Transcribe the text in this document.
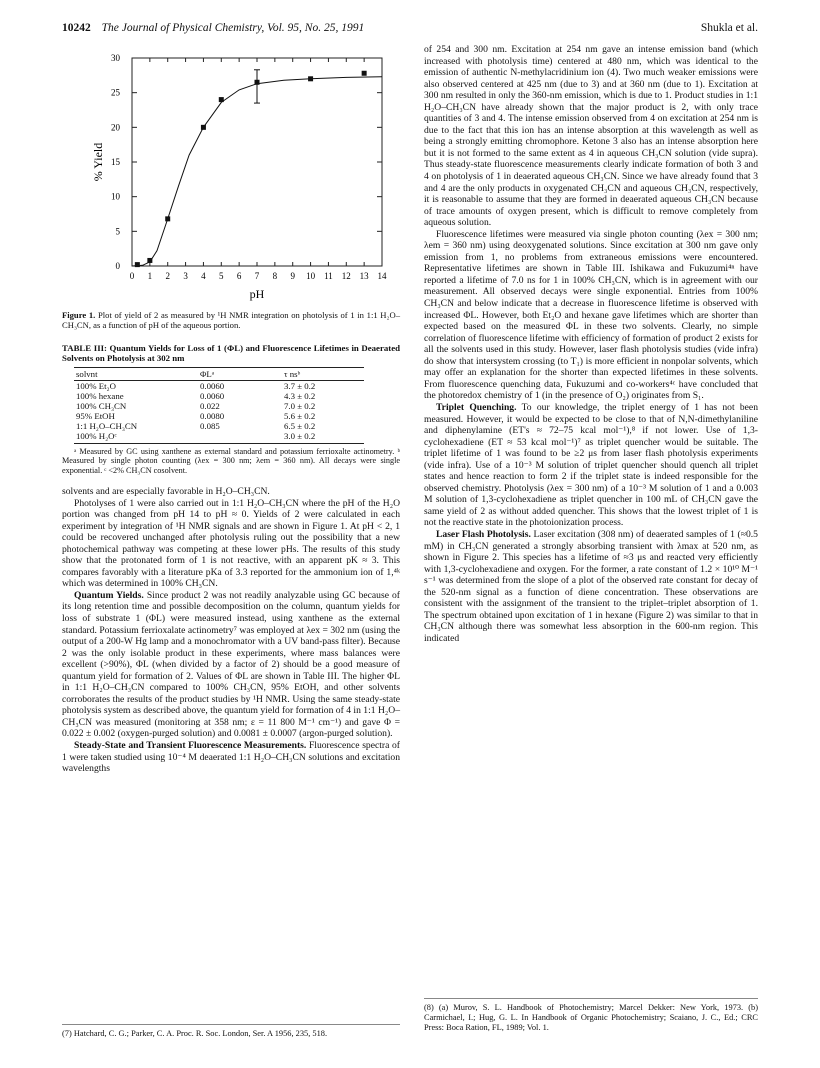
10242 The Journal of Physical Chemistry, Vol. 95, No. 25, 1991	Shukla et al.
0 1 2 3 4 5 6 7 8 9 10 11 12 13 14
0
5
10
15
20
25
30
pH
% Yield
Figure 1. Plot of yield of 2 as measured by ¹H NMR integration on photolysis of 1 in 1:1 H₂O–CH₃CN, as a function of pH of the aqueous portion.
TABLE III: Quantum Yields for Loss of 1 (ΦL) and Fluorescence Lifetimes in Deaerated Solvents on Photolysis at 302 nm
solvnt	ΦLᵃ	τ nsᵇ
100% Et₂O	0.0060	3.7 ± 0.2
100% hexane	0.0060	4.3 ± 0.2
100% CH₃CN	0.022	7.0 ± 0.2
95% EtOH	0.0080	5.6 ± 0.2
1:1 H₂O–CH₃CN	0.085	6.5 ± 0.2
100% H₂Oᶜ		3.0 ± 0.2

ᵃ Measured by GC using xanthene as external standard and potassium ferrioxalte actinometry. ᵇ Measured by single photon counting (λex = 300 nm; λem = 360 nm). All decays were single exponential. ᶜ <2% CH₃CN cosolvent.

solvents and are especially favorable in H₂O–CH₃CN.

Photolyses of 1 were also carried out in 1:1 H₂O–CH₃CN where the pH of the H₂O portion was changed from pH 14 to pH ≈ 0. Yields of 2 were calculated in each experiment by integration of ¹H NMR signals and are shown in Figure 1. At pH < 2, 1 could be recovered unchanged after photolysis ruling out the possibility that a new photochemical pathway was competing at these lower pHs. The results of this study show that the protonated form of 1 is not reactive, with an apparent pK ≈ 3. This compares favorably with a literature pKa of 3.3 reported for the ammonium ion of 1,⁴ᵏ which was determined in 100% CH₃CN.

Quantum Yields. Since product 2 was not readily analyzable using GC because of its long retention time and possible decomposition on the column, quantum yields for loss of substrate 1 (ΦL) were measured instead, using xanthene as the external standard. Potassium ferrioxalate actinometry⁷ was employed at λex = 302 nm (using the output of a 200-W Hg lamp and a monochromator with a UV band-pass filter). Because 2 was the only isolable product in these experiments, where mass balances were excellent (>90%), ΦL (when divided by a factor of 2) should be a good measure of quantum yield for formation of 2. Values of ΦL are shown in Table III. The higher ΦL in 1:1 H₂O–CH₃CN compared to 100% CH₃CN, 95% EtOH, and other solvents corroborates the results of the product studies by ¹H NMR. Using the same steady-state photolysis system as described above, the quantum yield for formation of 4 in 1:1 H₂O–CH₃CN was measured (monitoring at 358 nm; ε = 11 800 M⁻¹ cm⁻¹) and gave Φ = 0.022 ± 0.002 (oxygen-purged solution) and 0.0081 ± 0.0007 (argon-purged solution).

Steady-State and Transient Fluorescence Measurements. Fluorescence spectra of 1 were taken studied using 10⁻⁴ M deaerated 1:1 H₂O–CH₃CN solutions and excitation wavelengths

of 254 and 300 nm. Excitation at 254 nm gave an intense emission band (which increased with photolysis time) centered at 480 nm, which was identical to the emission of authentic N-methylacridinium ion (4). Two much weaker emissions were also observed centered at 425 nm (due to 3) and at 360 nm (due to 1). Excitation at 300 nm resulted in only the 360-nm emission, which is due to 1. Product studies in 1:1 H₂O–CH₃CN have already shown that the major product is 2, with only trace quantities of 3 and 4. The intense emission observed from 4 on excitation at 254 nm is due to the fact that this ion has an intense absorption at this wavelength as well as being a strongly emitting chromophore. Ketone 3 also has an intense absorption here but it is not formed to the same extent as 4 in aqueous CH₃CN solution (vide supra). Thus steady-state fluorescence measurements clearly indicate formation of both 3 and 4 on photolysis of 1 in deaerated aqueous CH₃CN. Since we have already found that 3 and 4 are the only products in oxygenated CH₃CN and aqueous CH₃CN, respectively, it is reasonable to assume that they are formed in deaerated aqueous CH₃CN because of trace amounts of oxygen present, which is difficult to remove completely from aqueous solution.

Fluorescence lifetimes were measured via single photon counting (λex = 300 nm; λem = 360 nm) using deoxygenated solutions. Since excitation at 300 nm gave only emission from 1, no problems from extraneous emissions were encountered. Representative lifetimes are shown in Table III. Ishikawa and Fukuzumi⁴ⁿ have reported a lifetime of 7.0 ns for 1 in 100% CH₃CN, which is in agreement with our measurement. All observed decays were single exponential. Entries from 100% CH₃CN and below indicate that a decrease in fluorescence lifetime is observed with increased ΦL. However, both Et₂O and hexane gave lifetimes which are shorter than expected based on the measured ΦL in these two solvents. Clearly, no simple correlation of fluorescence lifetime with efficiency of formation of product 2 exists for all the solvents used in this study. However, laser flash photolysis studies (vide infra) do show that intersystem crossing (to T₁) is more efficient in nonpolar solvents, which may offer an explanation for the shorter than expected lifetimes in these solvents. From fluorescence quenching data, Fukuzumi and co-workers⁴ᶜ have concluded that the photoredox chemistry of 1 (in the presence of O₂) originates from S₁.

Triplet Quenching. To our knowledge, the triplet energy of 1 has not been measured. However, it would be expected to be close to that of N,N-dimethylaniline and diphenylamine (ET's ≈ 72–75 kcal mol⁻¹),⁸ if not lower. Use of 1,3-cyclohexadiene (ET ≈ 53 kcal mol⁻¹)⁷ as triplet quencher would be suitable. The triplet lifetime of 1 was found to be ≥2 μs from laser flash photolysis experiments (vide infra). Use of a 10⁻³ M solution of triplet quencher should quench all triplet states and hence reaction to form 2 if the triplet state is indeed responsible for the observed chemistry. Photolysis (λex = 300 nm) of a 10⁻³ M solution of 1 and a 0.003 M solution of 1,3-cyclohexadiene as triplet quencher in 100 mL of CH₃CN gave the same yield of 2 as without added quencher. This shows that the lowest triplet of 1 is not the reactive state in the photoionization process.

Laser Flash Photolysis. Laser excitation (308 nm) of deaerated samples of 1 (≈0.5 mM) in CH₃CN generated a strongly absorbing transient with λmax at 520 nm, as shown in Figure 2. This species has a lifetime of ≈3 μs and reacted very efficiently with 1,3-cyclohexadiene and oxygen. For the former, a rate constant of 1.2 × 10¹⁰ M⁻¹ s⁻¹ was determined from the slope of a plot of the observed rate constant for decay of the 520-nm signal as a function of diene concentration. These observations are consistent with the assignment of the transient to the triplet–triplet absorption of 1. The spectrum obtained upon excitation of 1 in hexane (Figure 2) was similar to that in CH₃CN although there was somewhat less absorption in the 600-nm region. This indicated

(7) Hatchard, C. G.; Parker, C. A. Proc. R. Soc. London, Ser. A 1956, 235, 518.
(8) (a) Murov, S. L. Handbook of Photochemistry; Marcel Dekker: New York, 1973. (b) Carmichael, I.; Hug, G. L. In Handbook of Organic Photochemistry; Scaiano, J. C., Ed.; CRC Press: Boca Ration, FL, 1989; Vol. 1.
